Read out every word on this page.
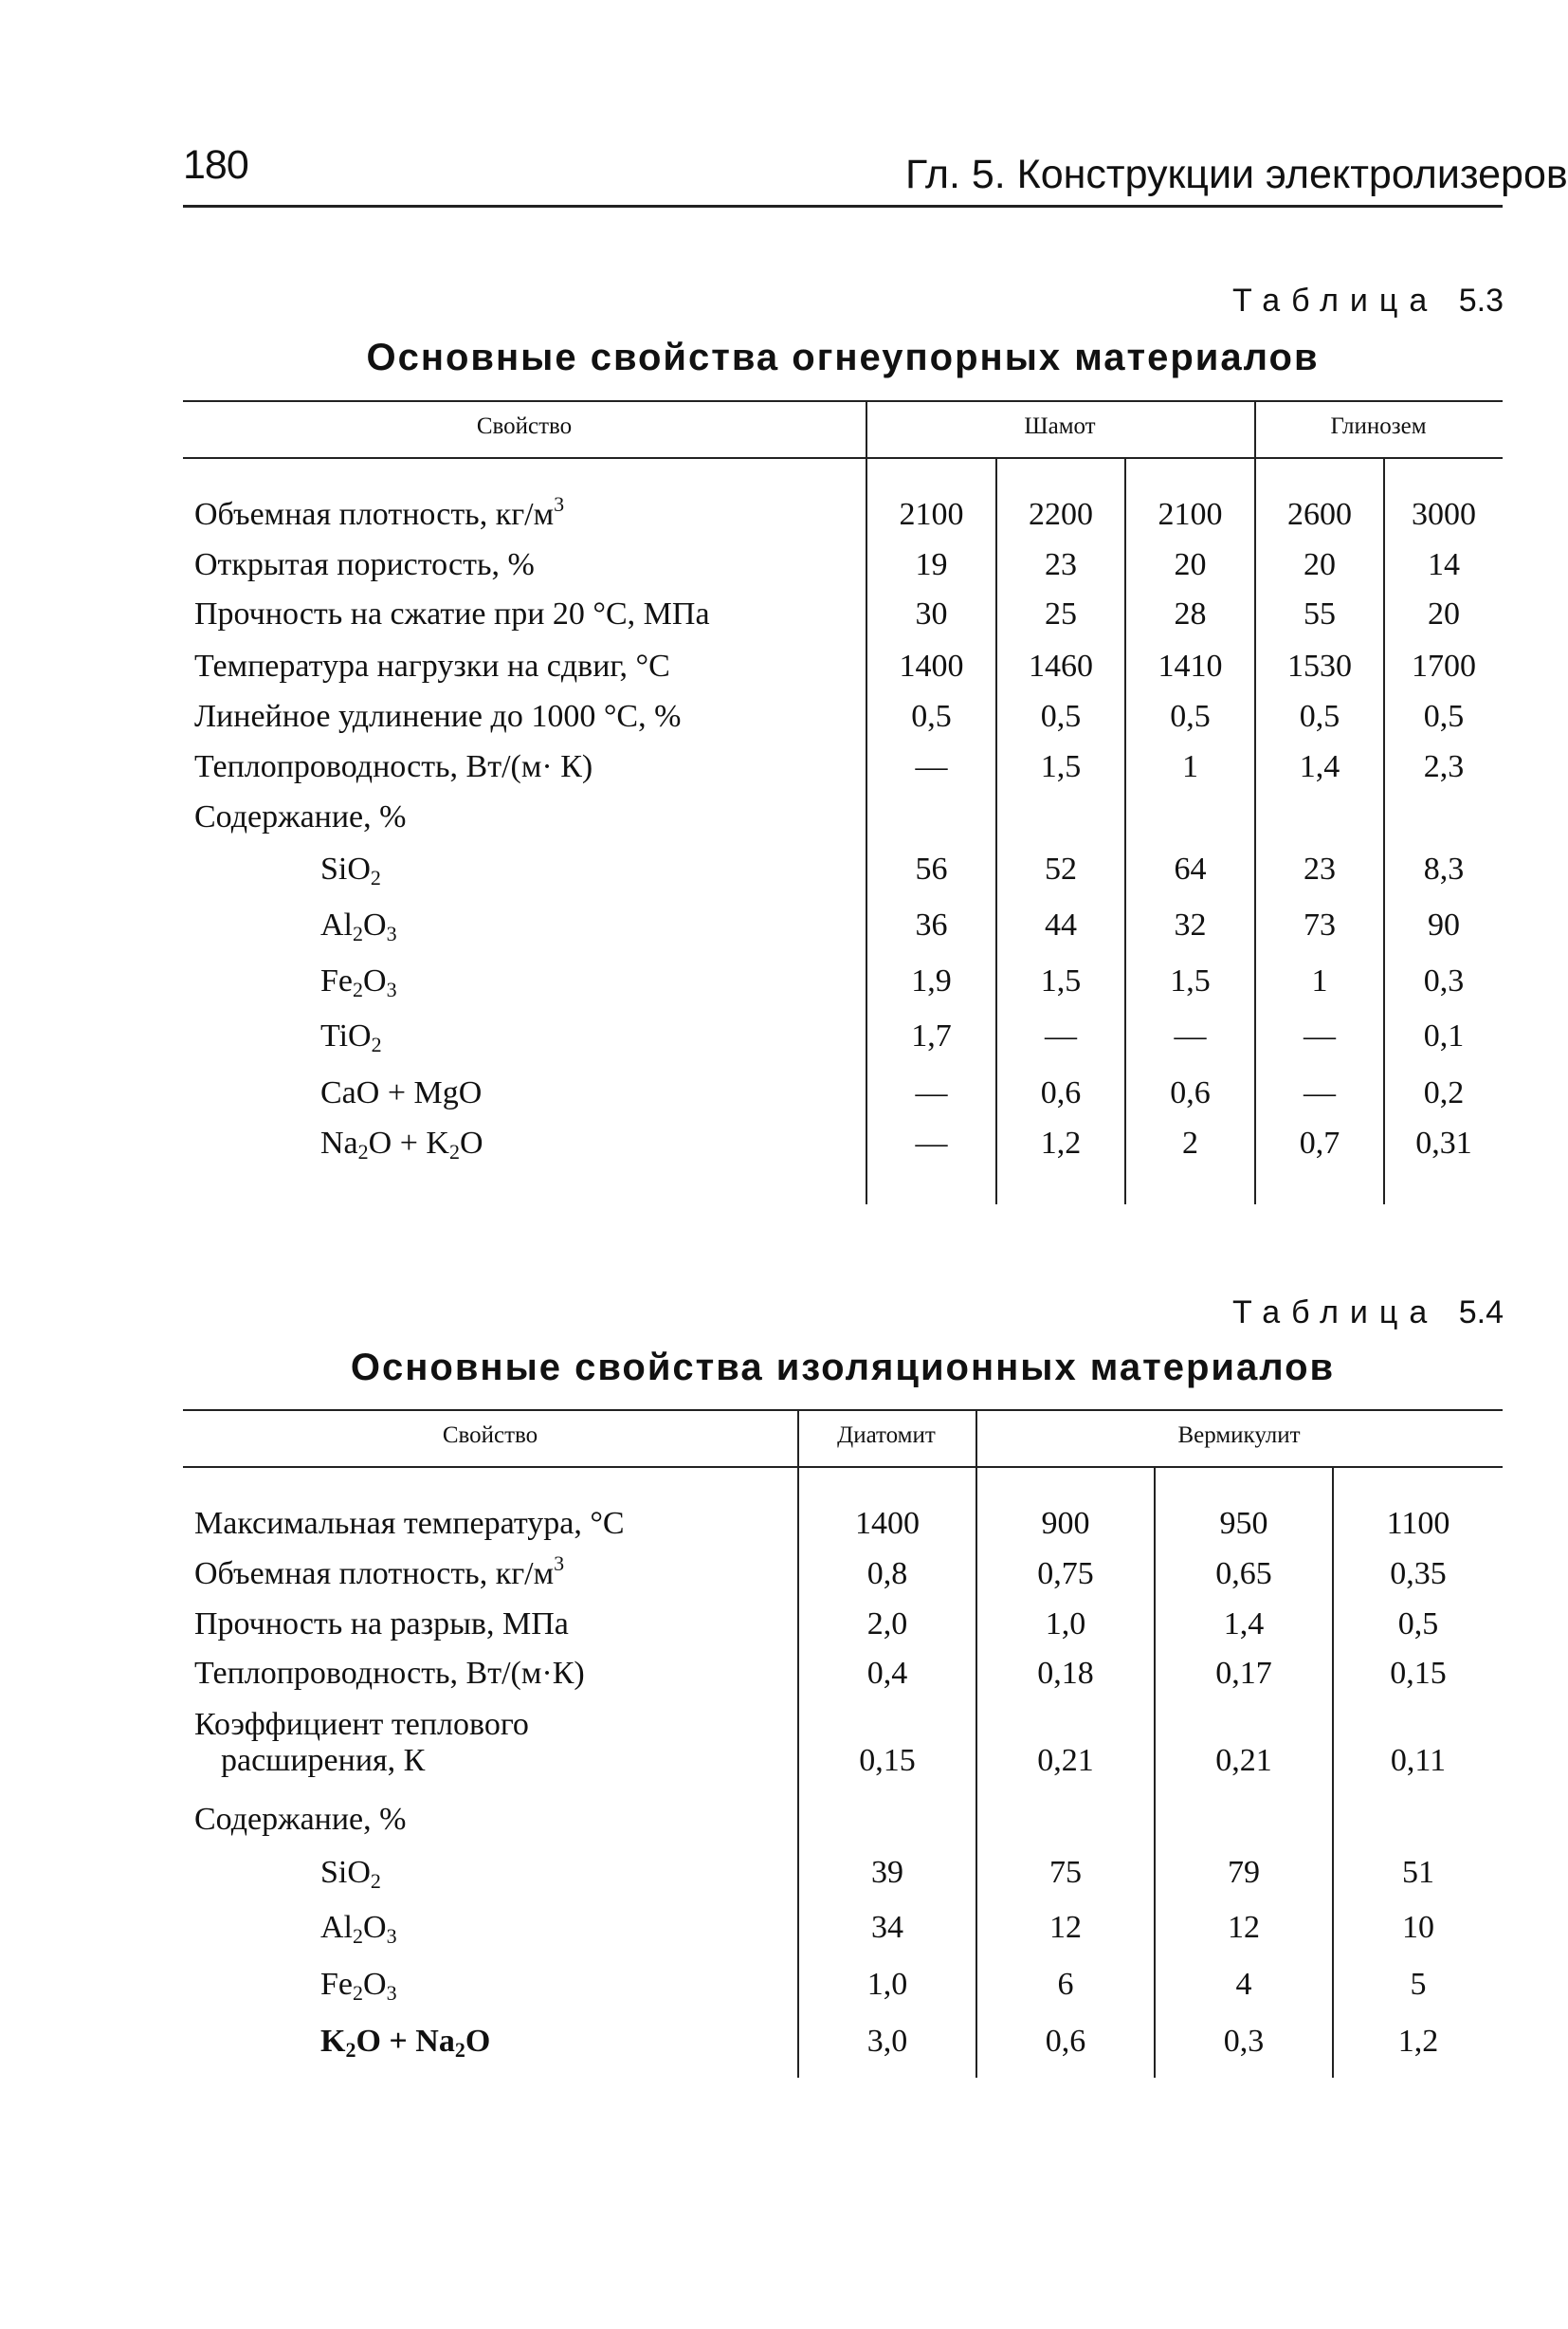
180	Гл. 5. Конструкции электролизеров
Таблица 5.3
Основные свойства огнеупорных материалов
Свойство	Шамот	Глинозем
Объемная плотность, $кг/м^3$	2100	2200	2100	2600	3000
Открытая пористость, %	19	23	20	20	14
Прочность на сжатие при 20 °С, МПа	30	25	28	55	20
Температура нагрузки на сдвиг, °С	1400	1460	1410	1530	1700
Линейное удлинение до 1000 °С, %	0,5	0,5	0,5	0,5	0,5
Теплопроводность, Вт/(м· К)	—	1,5	1	1,4	2,3
Содержание, %
SiO$_2$	56	52	64	23	8,3
$Al_2O_3$	36	44	32	73	90
$Fe_2O_3$	1,9	1,5	1,5	1	0,3
TiO$_2$	1,7	—	—	—	0,1
CaO + MgO	—	0,6	0,6	—	0,2
$Na_2O + K_2O$	—	1,2	2	0,7	0,31
Таблица 5.4
Основные свойства изоляционных материалов
Свойство	Диатомит	Вермикулит
Максимальная температура, °С	1400	900	950	1100
Объемная плотность, $кг/м^3$	0,8	0,75	0,65	0,35
Прочность на разрыв, МПа	2,0	1,0	1,4	0,5
Теплопроводность, Вт/(м·К)	0,4	0,18	0,17	0,15
Коэффициент теплового
расширения, К	0,15	0,21	0,21	0,11
Содержание, %
SiO$_2$	39	75	79	51
$Al_2O_3$	34	12	12	10
$Fe_2O_3$	1,0	6	4	5
$K_2O + Na_2O$	3,0	0,6	0,3	1,2
